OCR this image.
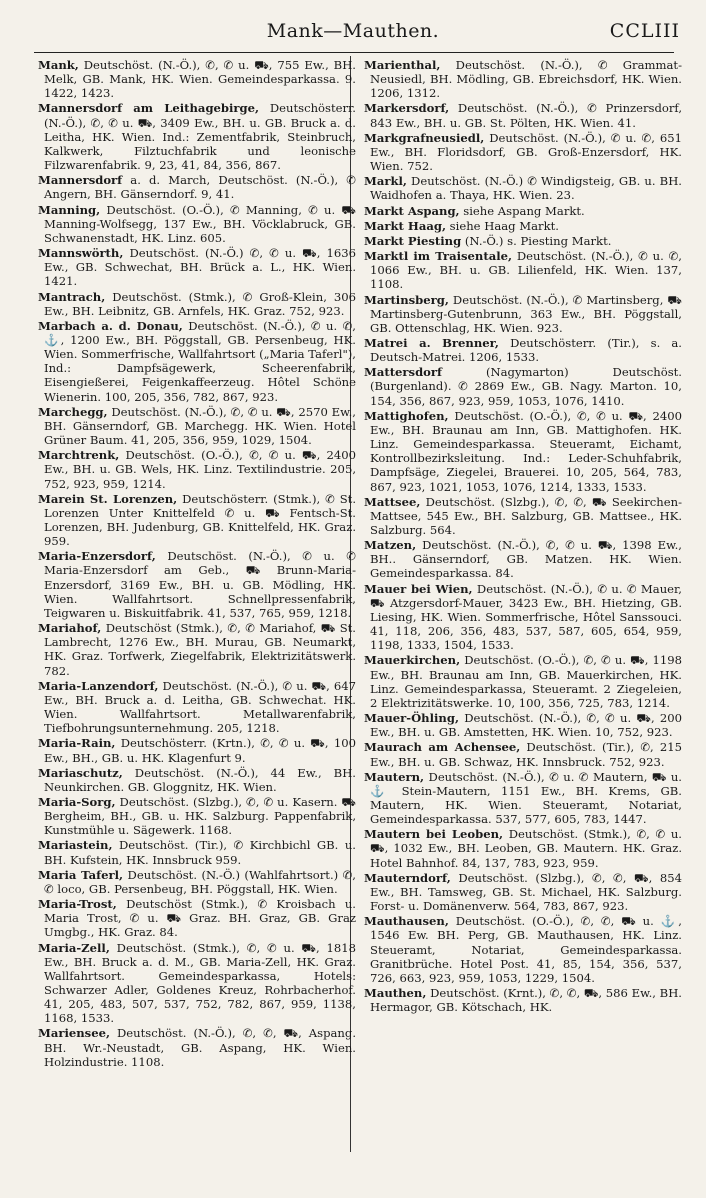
Mank—Mauthen.	CCLIII
Mank, Deutschöst. (N.-Ö.), ✆, ✆ u. ⛟, 755 Ew., BH. Melk, GB. Mank, HK. Wien. Gemeindesparkassa. 9. 1422, 1423.
Mannersdorf am Leithagebirge, Deutschösterr. (N.-Ö.), ✆, ✆ u. ⛟, 3409 Ew., BH. u. GB. Bruck a. d. Leitha, HK. Wien. Ind.: Zementfabrik, Steinbruch, Kalkwerk, Filztuchfabrik und leonische Filzwarenfabrik. 9, 23, 41, 84, 356, 867.
Mannersdorf a. d. March, Deutschöst. (N.-Ö.), ✆ Angern, BH. Gänserndorf. 9, 41.
Manning, Deutschöst. (O.-Ö.), ✆ Manning, ✆ u. ⛟ Manning-Wolfsegg, 137 Ew., BH. Vöcklabruck, GB. Schwanenstadt, HK. Linz. 605.
Mannswörth, Deutschöst. (N.-Ö.) ✆, ✆ u. ⛟, 1636 Ew., GB. Schwechat, BH. Brück a. L., HK. Wien. 1421.
Mantrach, Deutschöst. (Stmk.), ✆ Groß-Klein, 306 Ew., BH. Leibnitz, GB. Arnfels, HK. Graz. 752, 923.
Marbach a. d. Donau, Deutschöst. (N.-Ö.), ✆ u. ✆, ⚓, 1200 Ew., BH. Pöggstall, GB. Persenbeug, HK. Wien. Sommerfrische, Wallfahrtsort („Maria Taferl"), Ind.: Dampfsägewerk, Scheerenfabrik, Eisengießerei, Feigenkaffeerzeug. Hôtel Schöne Wienerin. 100, 205, 356, 782, 867, 923.
Marchegg, Deutschöst. (N.-Ö.), ✆, ✆ u. ⛟, 2570 Ew., BH. Gänserndorf, GB. Marchegg. HK. Wien. Hotel Grüner Baum. 41, 205, 356, 959, 1029, 1504.
Marchtrenk, Deutschöst. (O.-Ö.), ✆, ✆ u. ⛟, 2400 Ew., BH. u. GB. Wels, HK. Linz. Textilindustrie. 205, 752, 923, 959, 1214.
Marein St. Lorenzen, Deutschösterr. (Stmk.), ✆ St. Lorenzen Unter Knittelfeld ✆ u. ⛟ Fentsch-St. Lorenzen, BH. Judenburg, GB. Knittelfeld, HK. Graz. 959.
Maria-Enzersdorf, Deutschöst. (N.-Ö.), ✆ u. ✆ Maria-Enzersdorf am Geb., ⛟ Brunn-Maria-Enzersdorf, 3169 Ew., BH. u. GB. Mödling, HK. Wien. Wallfahrtsort. Schnellpressenfabrik, Teigwaren u. Biskuitfabrik. 41, 537, 765, 959, 1218.
Mariahof, Deutschöst (Stmk.), ✆, ✆ Mariahof, ⛟ St. Lambrecht, 1276 Ew., BH. Murau, GB. Neumarkt, HK. Graz. Torfwerk, Ziegelfabrik, Elektrizitätswerk. 782.
Maria-Lanzendorf, Deutschöst. (N.-Ö.), ✆ u. ⛟, 647 Ew., BH. Bruck a. d. Leitha, GB. Schwechat. HK. Wien. Wallfahrtsort. Metallwarenfabrik, Tiefbohrungsunternehmung. 205, 1218.
Maria-Rain, Deutschösterr. (Krtn.), ✆, ✆ u. ⛟, 100 Ew., BH., GB. u. HK. Klagenfurt 9.
Mariaschutz, Deutschöst. (N.-Ö.), 44 Ew., BH. Neunkirchen. GB. Gloggnitz, HK. Wien.
Maria-Sorg, Deutschöst. (Slzbg.), ✆, ✆ u. Kasern. ⛟ Bergheim, BH., GB. u. HK. Salzburg. Pappenfabrik, Kunstmühle u. Sägewerk. 1168.
Mariastein, Deutschöst. (Tir.), ✆ Kirchbichl GB. u. BH. Kufstein, HK. Innsbruck 959.
Maria Taferl, Deutschöst. (N.-Ö.) (Wahlfahrtsort.) ✆, ✆ loco, GB. Persenbeug, BH. Pöggstall, HK. Wien.
Maria-Trost, Deutschöst (Stmk.), ✆ Kroisbach u. Maria Trost, ✆ u. ⛟ Graz. BH. Graz, GB. Graz Umgbg., HK. Graz. 84.
Maria-Zell, Deutschöst. (Stmk.), ✆, ✆ u. ⛟, 1818 Ew., BH. Bruck a. d. M., GB. Maria-Zell, HK. Graz. Wallfahrtsort. Gemeindesparkassa, Hotels: Schwarzer Adler, Goldenes Kreuz, Rohrbacherhof. 41, 205, 483, 507, 537, 752, 782, 867, 959, 1138, 1168, 1533.
Mariensee, Deutschöst. (N.-Ö.), ✆, ✆, ⛟, Aspang. BH. Wr.-Neustadt, GB. Aspang, HK. Wien. Holzindustrie. 1108.
Marienthal, Deutschöst. (N.-Ö.), ✆ Grammat-Neusiedl, BH. Mödling, GB. Ebreichsdorf, HK. Wien. 1206, 1312.
Markersdorf, Deutschöst. (N.-Ö.), ✆ Prinzersdorf, 843 Ew., BH. u. GB. St. Pölten, HK. Wien. 41.
Markgrafneusiedl, Deutschöst. (N.-Ö.), ✆ u. ✆, 651 Ew., BH. Floridsdorf, GB. Groß-Enzersdorf, HK. Wien. 752.
Markl, Deutschöst. (N.-Ö.) ✆ Windigsteig, GB. u. BH. Waidhofen a. Thaya, HK. Wien. 23.
Markt Aspang, siehe Aspang Markt.
Markt Haag, siehe Haag Markt.
Markt Piesting (N.-Ö.) s. Piesting Markt.
Marktl im Traisentale, Deutschöst. (N.-Ö.), ✆ u. ✆, 1066 Ew., BH. u. GB. Lilienfeld, HK. Wien. 137, 1108.
Martinsberg, Deutschöst. (N.-Ö.), ✆ Martinsberg, ⛟ Martinsberg-Gutenbrunn, 363 Ew., BH. Pöggstall, GB. Ottenschlag, HK. Wien. 923.
Matrei a. Brenner, Deutschösterr. (Tir.), s. a. Deutsch-Matrei. 1206, 1533.
Mattersdorf (Nagymarton) Deutschöst. (Burgenland). ✆ 2869 Ew., GB. Nagy. Marton. 10, 154, 356, 867, 923, 959, 1053, 1076, 1410.
Mattighofen, Deutschöst. (O.-Ö.), ✆, ✆ u. ⛟, 2400 Ew., BH. Braunau am Inn, GB. Mattighofen. HK. Linz. Gemeindesparkassa. Steueramt, Eichamt, Kontrollbezirksleitung. Ind.: Leder-Schuhfabrik, Dampfsäge, Ziegelei, Brauerei. 10, 205, 564, 783, 867, 923, 1021, 1053, 1076, 1214, 1333, 1533.
Mattsee, Deutschöst. (Slzbg.), ✆, ✆, ⛟ Seekirchen-Mattsee, 545 Ew., BH. Salzburg, GB. Mattsee., HK. Salzburg. 564.
Matzen, Deutschöst. (N.-Ö.), ✆, ✆ u. ⛟, 1398 Ew., BH.. Gänserndorf, GB. Matzen. HK. Wien. Gemeindesparkassa. 84.
Mauer bei Wien, Deutschöst. (N.-Ö.), ✆ u. ✆ Mauer, ⛟ Atzgersdorf-Mauer, 3423 Ew., BH. Hietzing, GB. Liesing, HK. Wien. Sommerfrische, Hôtel Sanssouci. 41, 118, 206, 356, 483, 537, 587, 605, 654, 959, 1198, 1333, 1504, 1533.
Mauerkirchen, Deutschöst. (O.-Ö.), ✆, ✆ u. ⛟, 1198 Ew., BH. Braunau am Inn, GB. Mauerkirchen, HK. Linz. Gemeindesparkassa, Steueramt. 2 Ziegeleien, 2 Elektrizitätswerke. 10, 100, 356, 725, 783, 1214.
Mauer-Öhling, Deutschöst. (N.-Ö.), ✆, ✆ u. ⛟, 200 Ew., BH. u. GB. Amstetten, HK. Wien. 10, 752, 923.
Maurach am Achensee, Deutschöst. (Tir.), ✆, 215 Ew., BH. u. GB. Schwaz, HK. Innsbruck. 752, 923.
Mautern, Deutschöst. (N.-Ö.), ✆ u. ✆ Mautern, ⛟ u. ⚓ Stein-Mautern, 1151 Ew., BH. Krems, GB. Mautern, HK. Wien. Steueramt, Notariat, Gemeindesparkassa. 537, 577, 605, 783, 1447.
Mautern bei Leoben, Deutschöst. (Stmk.), ✆, ✆ u. ⛟, 1032 Ew., BH. Leoben, GB. Mautern. HK. Graz. Hotel Bahnhof. 84, 137, 783, 923, 959.
Mauterndorf, Deutschöst. (Slzbg.), ✆, ✆, ⛟, 854 Ew., BH. Tamsweg, GB. St. Michael, HK. Salzburg. Forst- u. Domänenverw. 564, 783, 867, 923.
Mauthausen, Deutschöst. (O.-Ö.), ✆, ✆, ⛟ u. ⚓, 1546 Ew. BH. Perg, GB. Mauthausen, HK. Linz. Steueramt, Notariat, Gemeindesparkassa. Granitbrüche. Hotel Post. 41, 85, 154, 356, 537, 726, 663, 923, 959, 1053, 1229, 1504.
Mauthen, Deutschöst. (Krnt.), ✆, ✆, ⛟, 586 Ew., BH. Hermagor, GB. Kötschach, HK.
